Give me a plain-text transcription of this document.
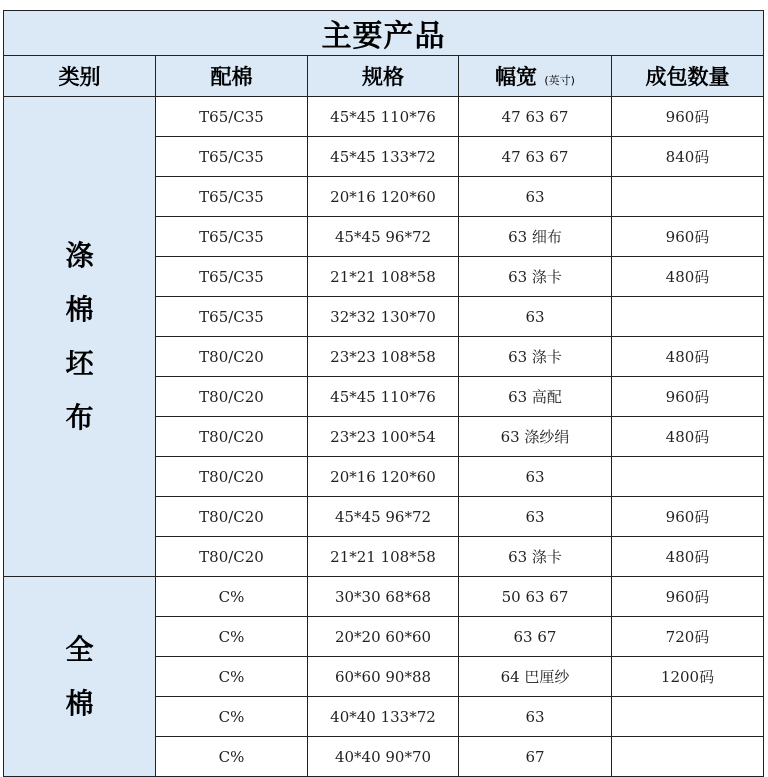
主要产品				
类别	配棉	规格	幅宽 (英寸)	成包数量

涤
棉
坯
布	T65/C35	45*45 110*76	47 63 67	960码
	T65/C35	45*45 133*72	47 63 67	840码
	T65/C35	20*16 120*60	63	
	T65/C35	45*45 96*72	63 细布	960码
	T65/C35	21*21 108*58	63 涤卡	480码
	T65/C35	32*32 130*70	63	
	T80/C20	23*23 108*58	63 涤卡	480码
	T80/C20	45*45 110*76	63 高配	960码
	T80/C20	23*23 100*54	63 涤纱绢	480码
	T80/C20	20*16 120*60	63	
	T80/C20	45*45 96*72	63	960码
	T80/C20	21*21 108*58	63 涤卡	480码

全
棉	C%	30*30 68*68	50 63 67	960码
	C%	20*20 60*60	63 67	720码
	C%	60*60 90*88	64 巴厘纱	1200码
	C%	40*40 133*72	63	
	C%	40*40 90*70	67	
